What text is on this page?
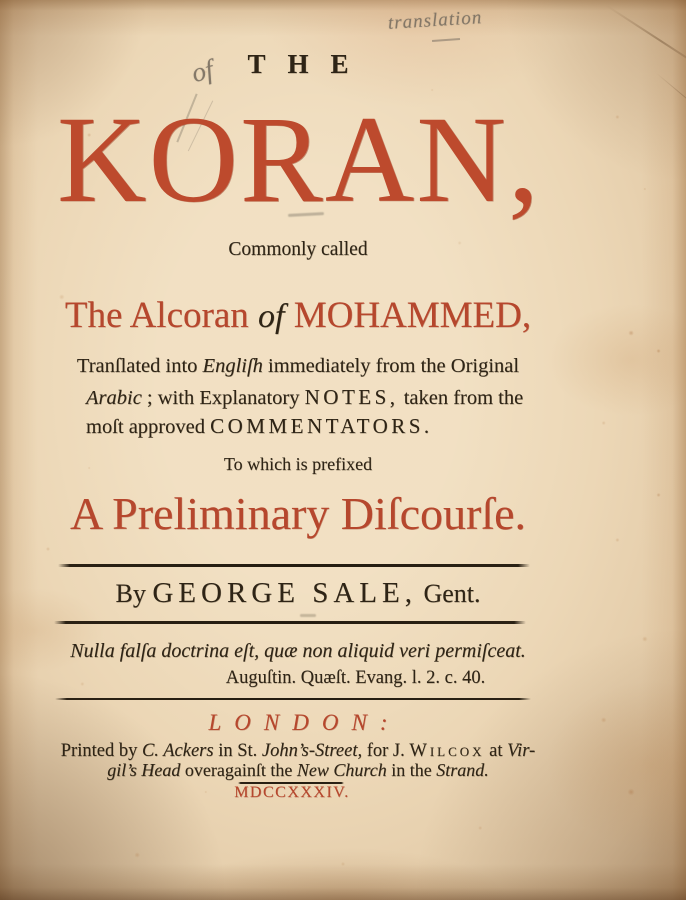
translation
of	THE
KORAN,
Commonly called
The Alcoran of MOHAMMED,
Tranſlated into Engliſh immediately from the Original
Arabic ; with Explanatory NOTES, taken from the
moſt approved COMMENTATORS.
To which is prefixed
A Preliminary Diſcourſe.
By GEORGE SALE, Gent.
Nulla falſa doctrina eſt, quæ non aliquid veri permiſceat.
Auguſtin. Quæſt. Evang. l. 2. c. 40.
LONDON:
Printed by C. Ackers in St. John’s-Street, for J. Wilcox at Vir-
gil’s Head overagainſt the New Church in the Strand.
MDCCXXXIV.
